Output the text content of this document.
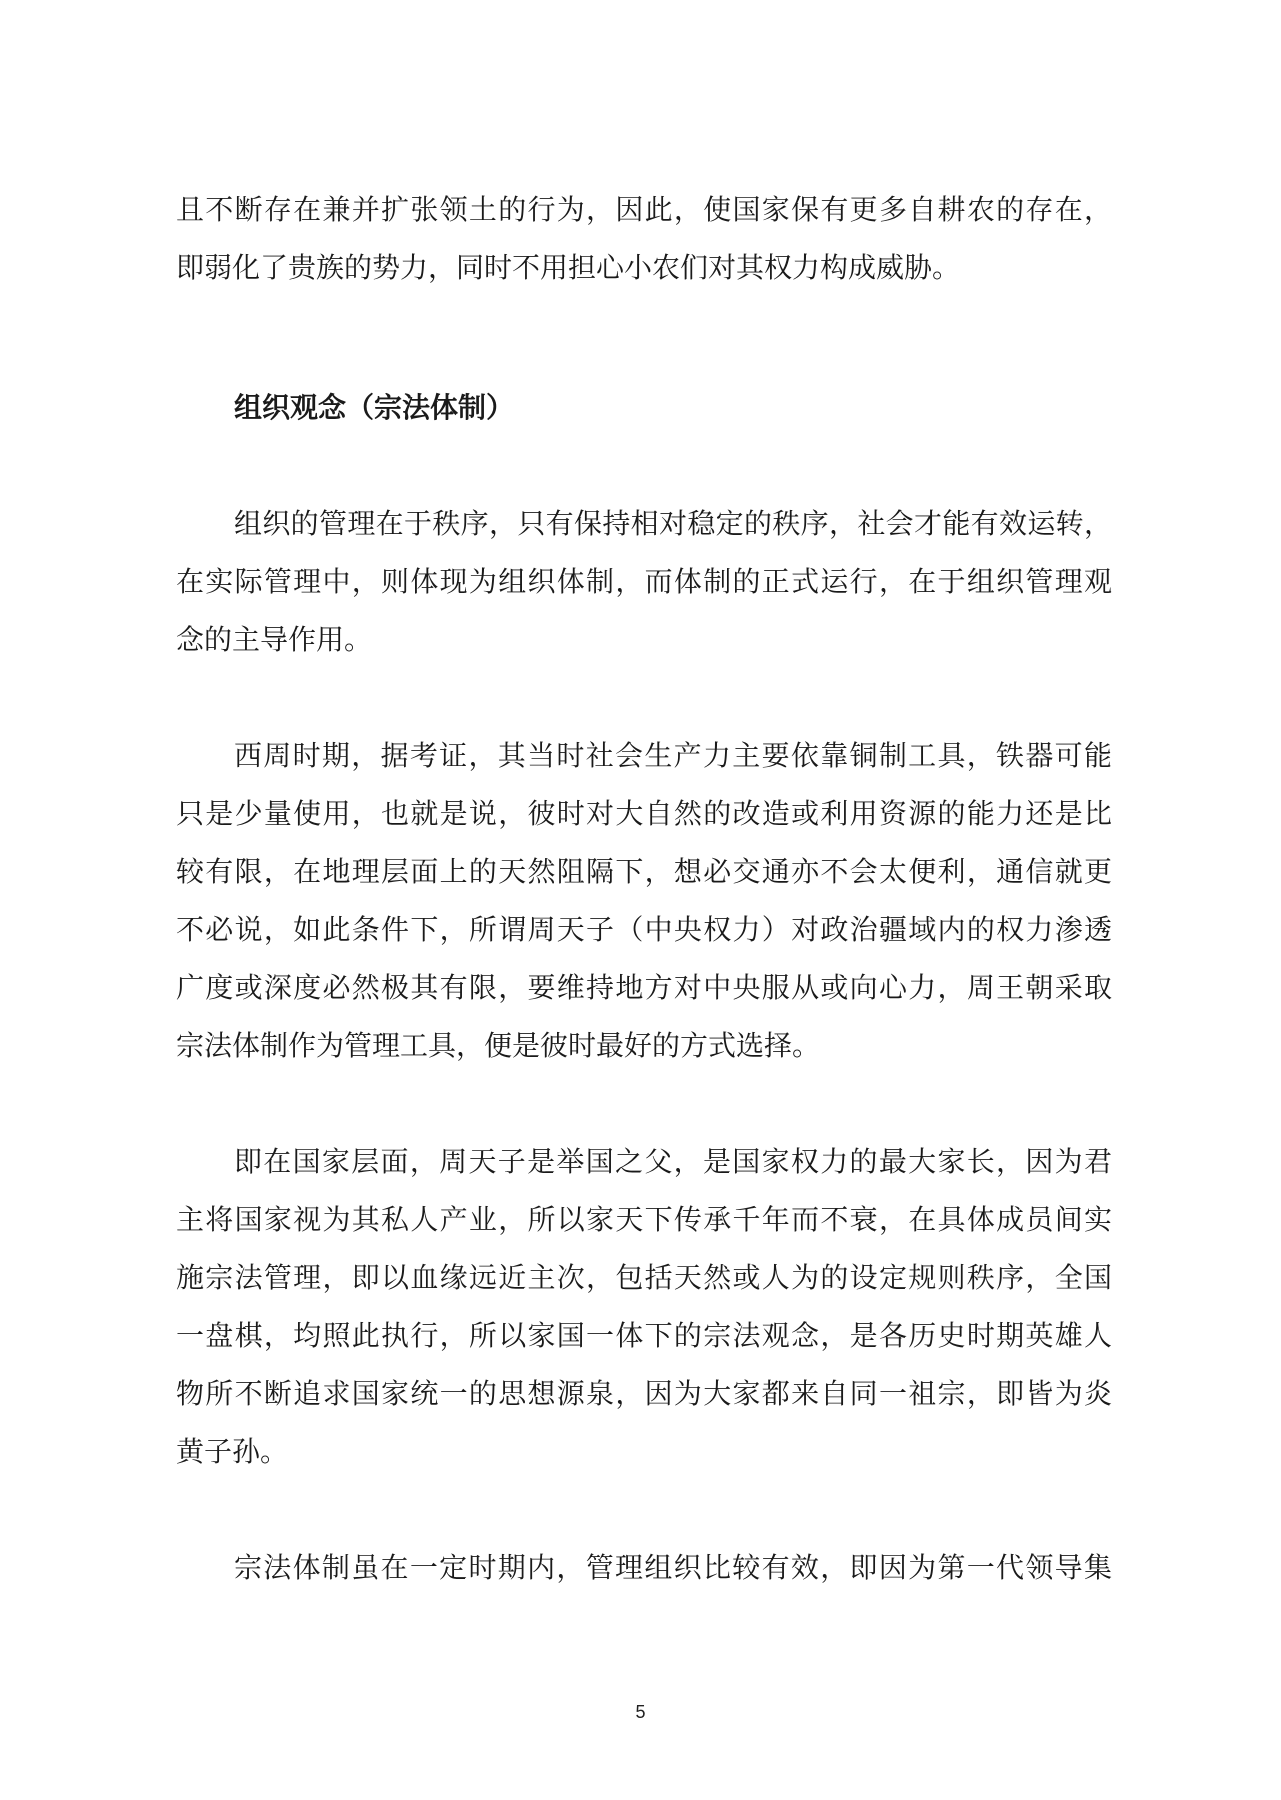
且不断存在兼并扩张领土的行为，因此，使国家保有更多自耕农的存在，
即弱化了贵族的势力，同时不用担心小农们对其权力构成威胁。
组织观念（宗法体制）
组织的管理在于秩序，只有保持相对稳定的秩序，社会才能有效运转，
在实际管理中，则体现为组织体制，而体制的正式运行，在于组织管理观
念的主导作用。
西周时期，据考证，其当时社会生产力主要依靠铜制工具，铁器可能
只是少量使用，也就是说，彼时对大自然的改造或利用资源的能力还是比
较有限，在地理层面上的天然阻隔下，想必交通亦不会太便利，通信就更
不必说，如此条件下，所谓周天子（中央权力）对政治疆域内的权力渗透
广度或深度必然极其有限，要维持地方对中央服从或向心力，周王朝采取
宗法体制作为管理工具，便是彼时最好的方式选择。
即在国家层面，周天子是举国之父，是国家权力的最大家长，因为君
主将国家视为其私人产业，所以家天下传承千年而不衰，在具体成员间实
施宗法管理，即以血缘远近主次，包括天然或人为的设定规则秩序，全国
一盘棋，均照此执行，所以家国一体下的宗法观念，是各历史时期英雄人
物所不断追求国家统一的思想源泉，因为大家都来自同一祖宗，即皆为炎
黄子孙。
宗法体制虽在一定时期内，管理组织比较有效，即因为第一代领导集
5
